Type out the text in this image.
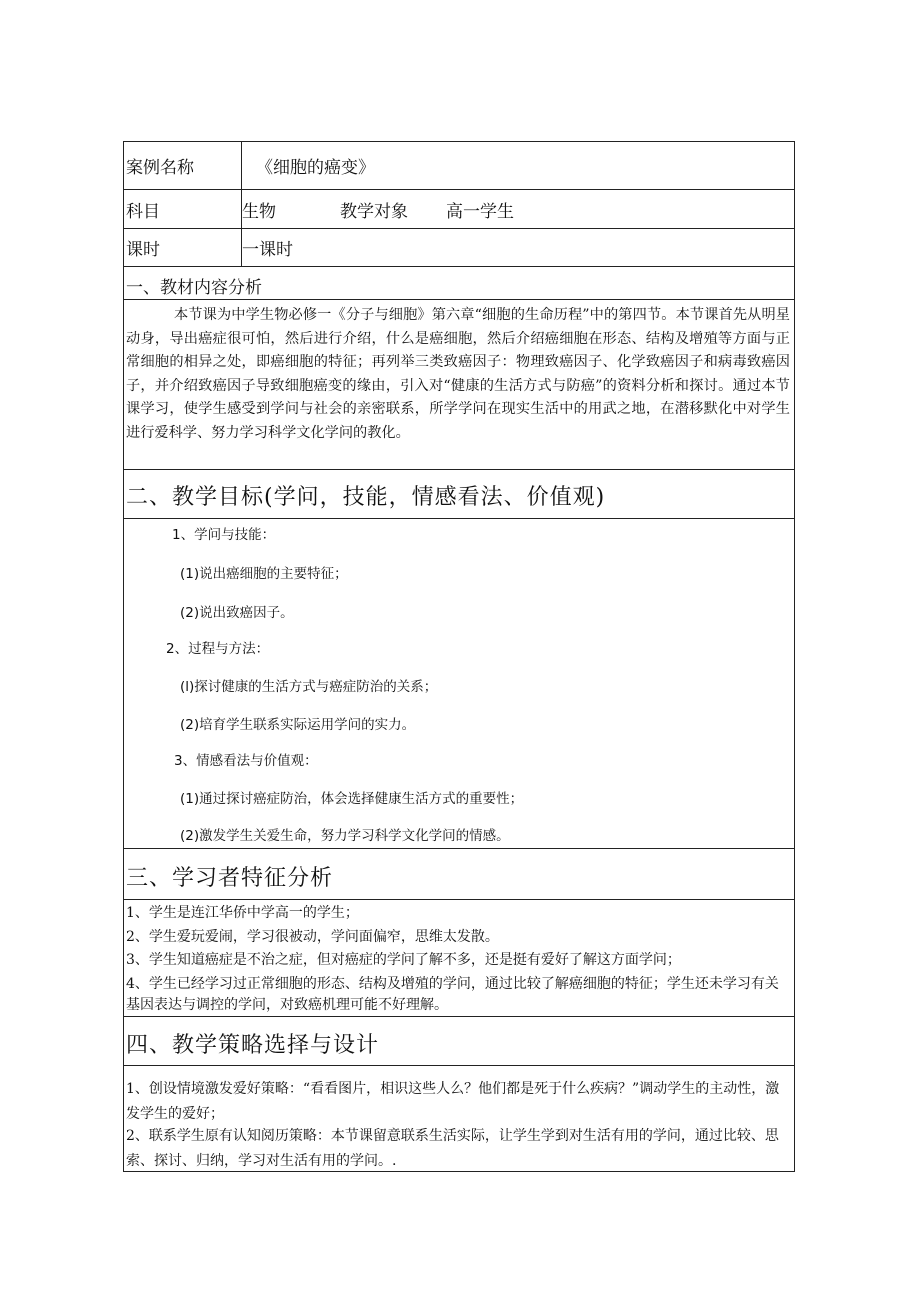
案例名称	《细胞的癌变》
科目	生物	教学对象 高一学生
课时	一课时
一、教材内容分析
本节课为中学生物必修一《分子与细胞》第六章“细胞的生命历程”中的第四节。本节课首先从明星动身，导出癌症很可怕，然后进行介绍，什么是癌细胞，然后介绍癌细胞在形态、结构及增殖等方面与正常细胞的相异之处，即癌细胞的特征；再列举三类致癌因子：物理致癌因子、化学致癌因子和病毒致癌因子，并介绍致癌因子导致细胞癌变的缘由，引入对“健康的生活方式与防癌”的资料分析和探讨。通过本节课学习，使学生感受到学问与社会的亲密联系，所学学问在现实生活中的用武之地，在潜移默化中对学生进行爱科学、努力学习科学文化学问的教化。
二、教学目标(学问，技能，情感看法、价值观)
1、学问与技能：
(1)说出癌细胞的主要特征；
(2)说出致癌因子。
2、过程与方法：
(l)探讨健康的生活方式与癌症防治的关系；
(2)培育学生联系实际运用学问的实力。
3、情感看法与价值观：
(1)通过探讨癌症防治，体会选择健康生活方式的重要性；
(2)激发学生关爱生命，努力学习科学文化学问的情感。
三、学习者特征分析
1、学生是连江华侨中学高一的学生；
2、学生爱玩爱闹，学习很被动，学问面偏窄，思维太发散。
3、学生知道癌症是不治之症，但对癌症的学问了解不多，还是挺有爱好了解这方面学问；
4、学生已经学习过正常细胞的形态、结构及增殖的学问，通过比较了解癌细胞的特征；学生还未学习有关基因表达与调控的学问，对致癌机理可能不好理解。
四、教学策略选择与设计
1、创设情境激发爱好策略：“看看图片，相识这些人么？他们都是死于什么疾病？”调动学生的主动性，激发学生的爱好；
2、联系学生原有认知阅历策略：本节课留意联系生活实际，让学生学到对生活有用的学问，通过比较、思索、探讨、归纳，学习对生活有用的学问。.
